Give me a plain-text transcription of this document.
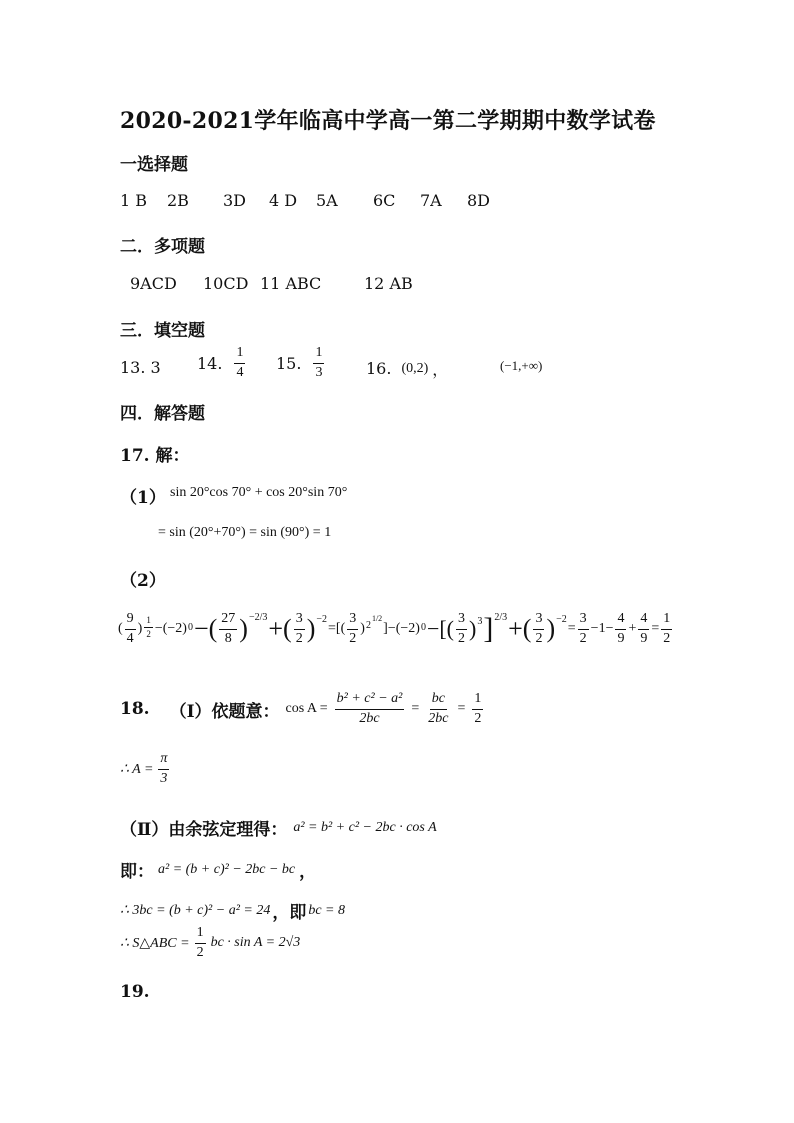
2020-2021学年临高中学高一第二学期期中数学试卷
一选择题
1 B 2B 3D 4 D 5A 6C 7A 8D
二．多项题
9ACD 10CD 11 ABC	12 AB
三．填空题
13. 3 14. $\frac{1}{4} 15$. $\frac{1}{3}$	16. (0,2) ，	(−1,+∞)
四．解答题
17. 解：
（1） sin 20°cos 70° + cos 20°sin 70°
= sin (20°+70°) = sin (90°) = 1
（2）
( $\frac{9}{4}$ ) $\frac{1}{2} -(-2)$ 0 −( $\frac{27}{8} )^{-2/3}$ +( $\frac{3}{2} )^{-2}$
=[( $\frac{3}{2} )^2$
$^{1/2}$
]−(−2) 0 −[( $\frac{3}{2} )^3$ ]$^{2/3}$ +( $\frac{3}{2} )^{-2}$
= $\frac{3}{2} -1- \frac{4}{9} + \frac{4}{9} = \frac{1}{2}$
18. （Ⅰ）依题意： $\cos A = \frac{\text{b² + c² − a²}}{2bc} = \frac{bc}{2bc} = \frac{1}{2}$
∴ $A = \frac{\pi}{3}$
（Ⅱ）由余弦定理得： a² = b² + c² − 2bc · cos A
即： a² = (b + c)² − 2bc − bc ，
∴ 3bc = (b + c)² − a² = 24 ，即 bc = 8
∴ S△ABC = $\frac{1}{2}$ bc · sin A = 2√3
19.
